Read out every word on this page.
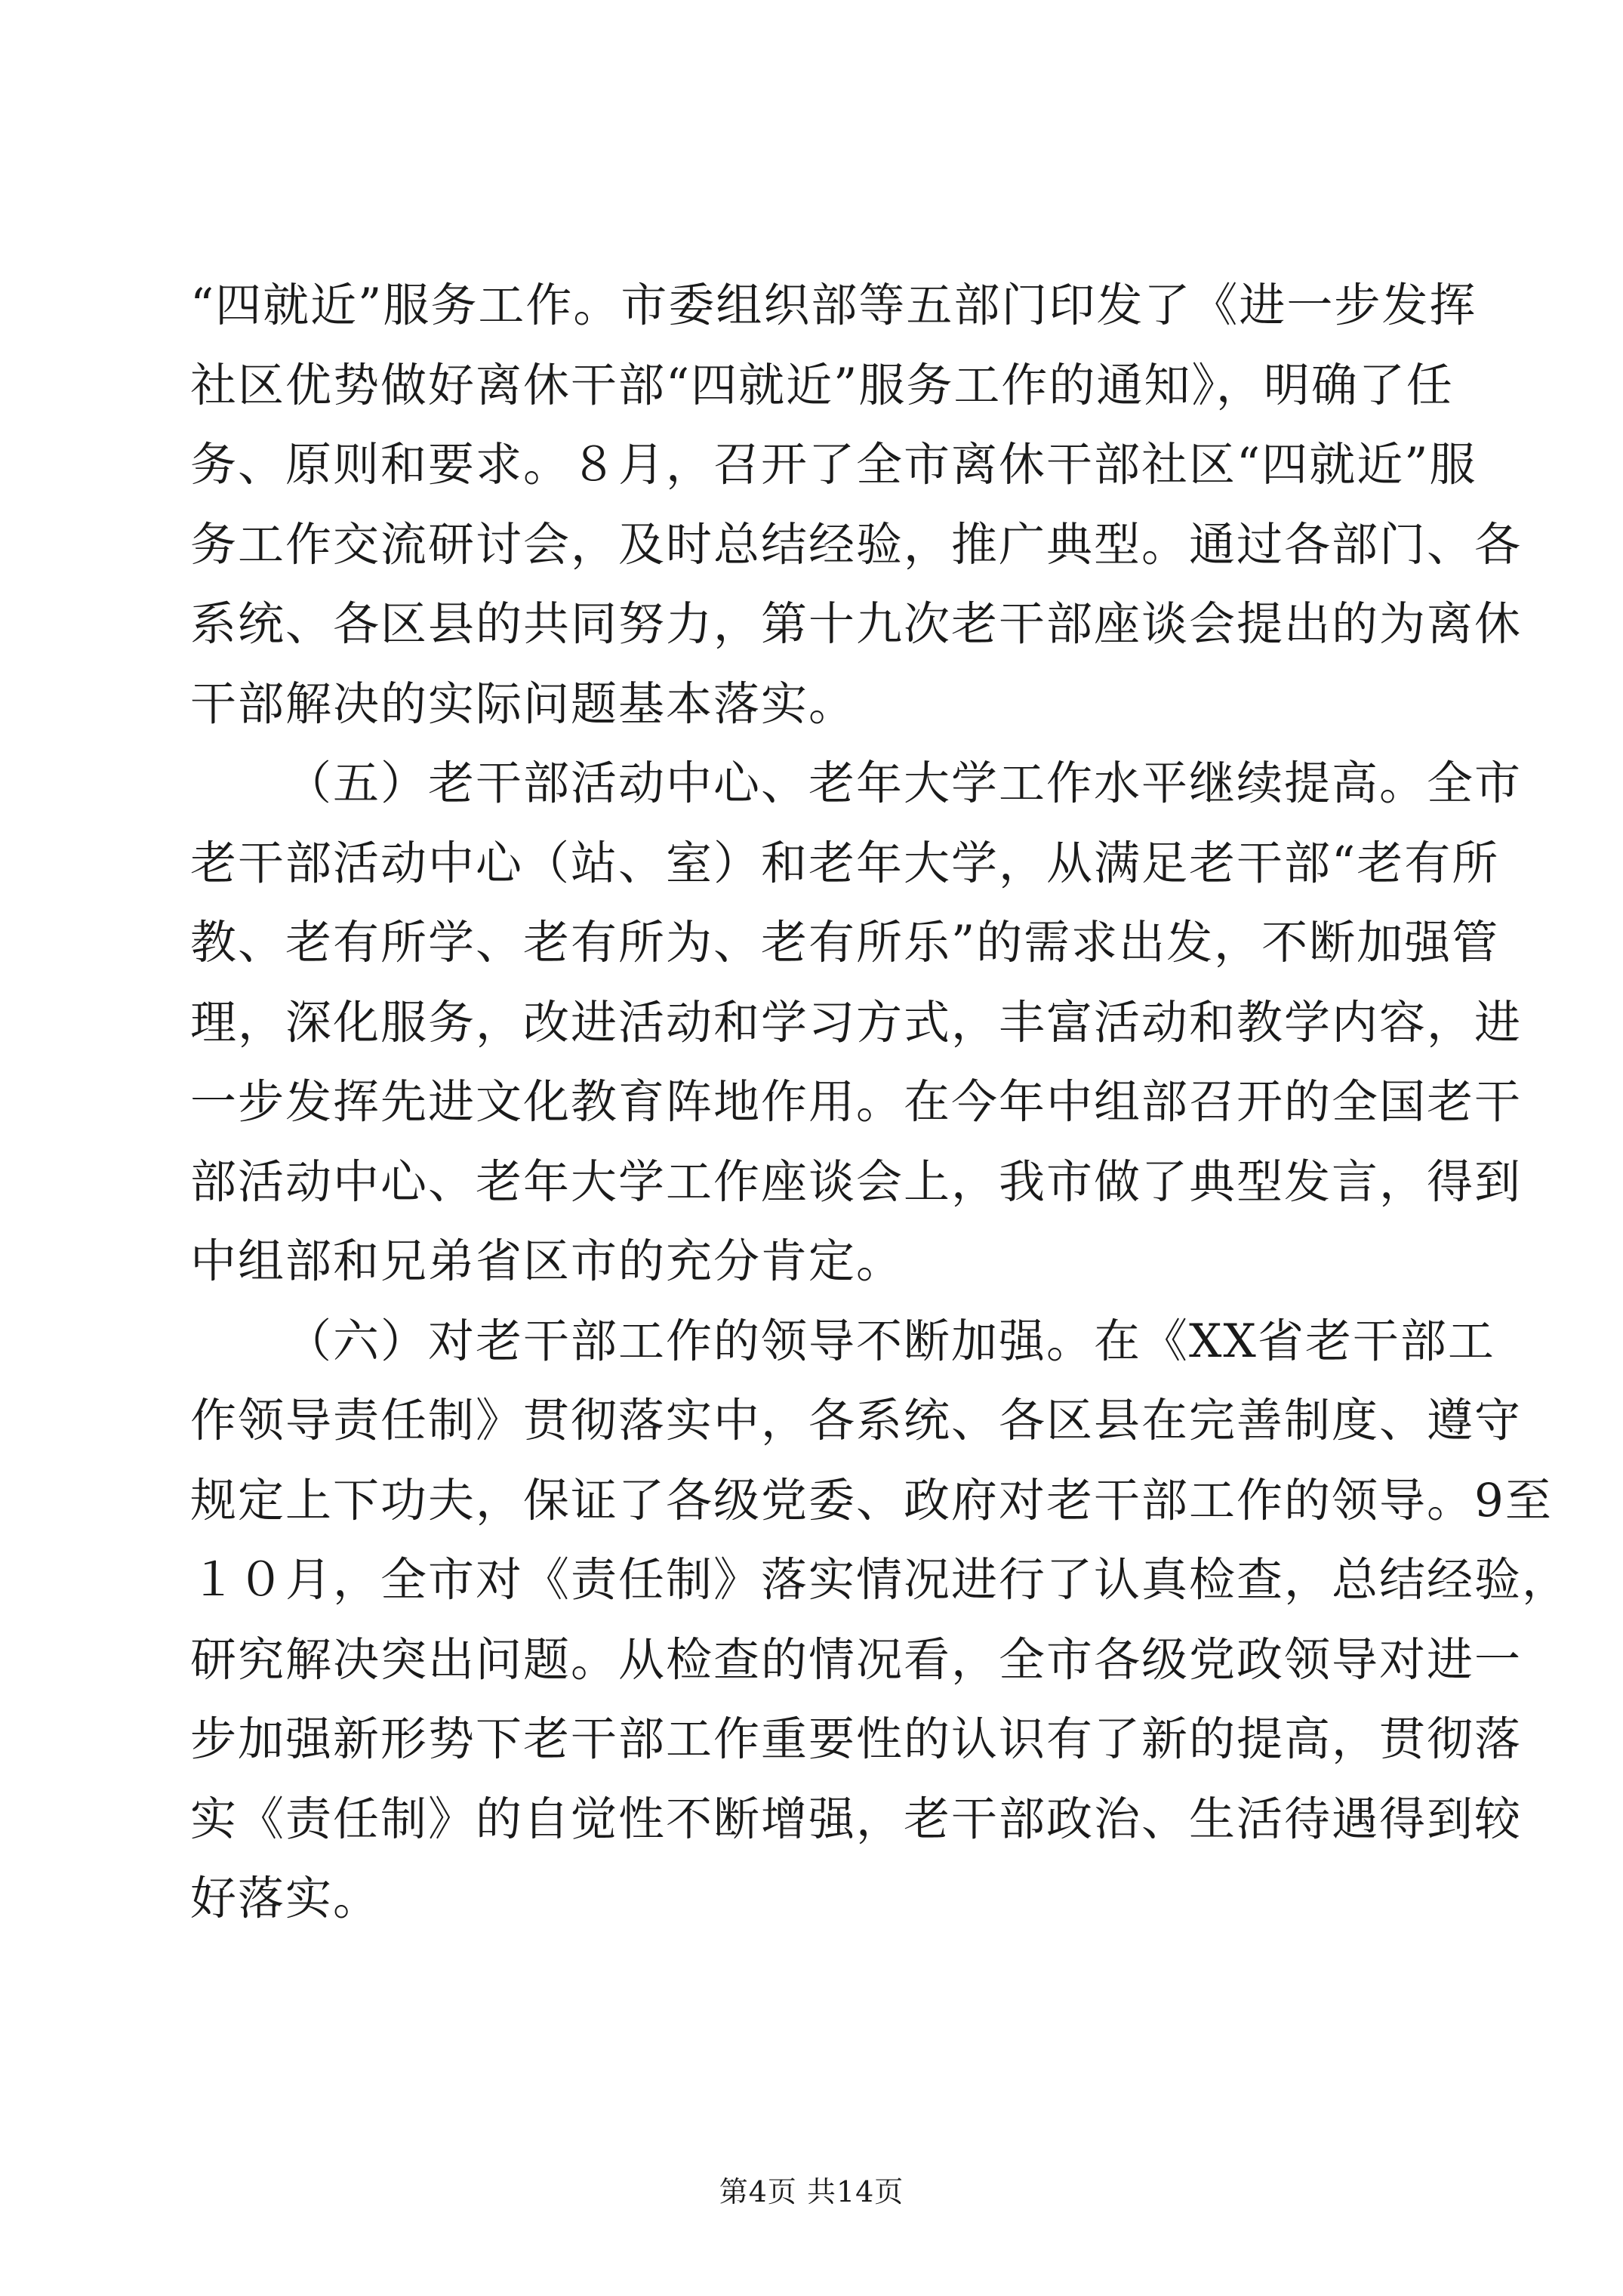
“四就近”服务工作。市委组织部等五部门印发了《进一步发挥
社区优势做好离休干部“四就近”服务工作的通知》，明确了任
务、原则和要求。８月，召开了全市离休干部社区“四就近”服
务工作交流研讨会，及时总结经验，推广典型。通过各部门、各
系统、各区县的共同努力，第十九次老干部座谈会提出的为离休
干部解决的实际问题基本落实。
（五）老干部活动中心、老年大学工作水平继续提高。全市
老干部活动中心（站、室）和老年大学，从满足老干部“老有所
教、老有所学、老有所为、老有所乐”的需求出发，不断加强管
理，深化服务，改进活动和学习方式，丰富活动和教学内容，进
一步发挥先进文化教育阵地作用。在今年中组部召开的全国老干
部活动中心、老年大学工作座谈会上，我市做了典型发言，得到
中组部和兄弟省区市的充分肯定。
（六）对老干部工作的领导不断加强。在《XX省老干部工
作领导责任制》贯彻落实中，各系统、各区县在完善制度、遵守
规定上下功夫，保证了各级党委、政府对老干部工作的领导。9至
１０月，全市对《责任制》落实情况进行了认真检查，总结经验，
研究解决突出问题。从检查的情况看，全市各级党政领导对进一
步加强新形势下老干部工作重要性的认识有了新的提高，贯彻落
实《责任制》的自觉性不断增强，老干部政治、生活待遇得到较
好落实。
第4页 共14页
